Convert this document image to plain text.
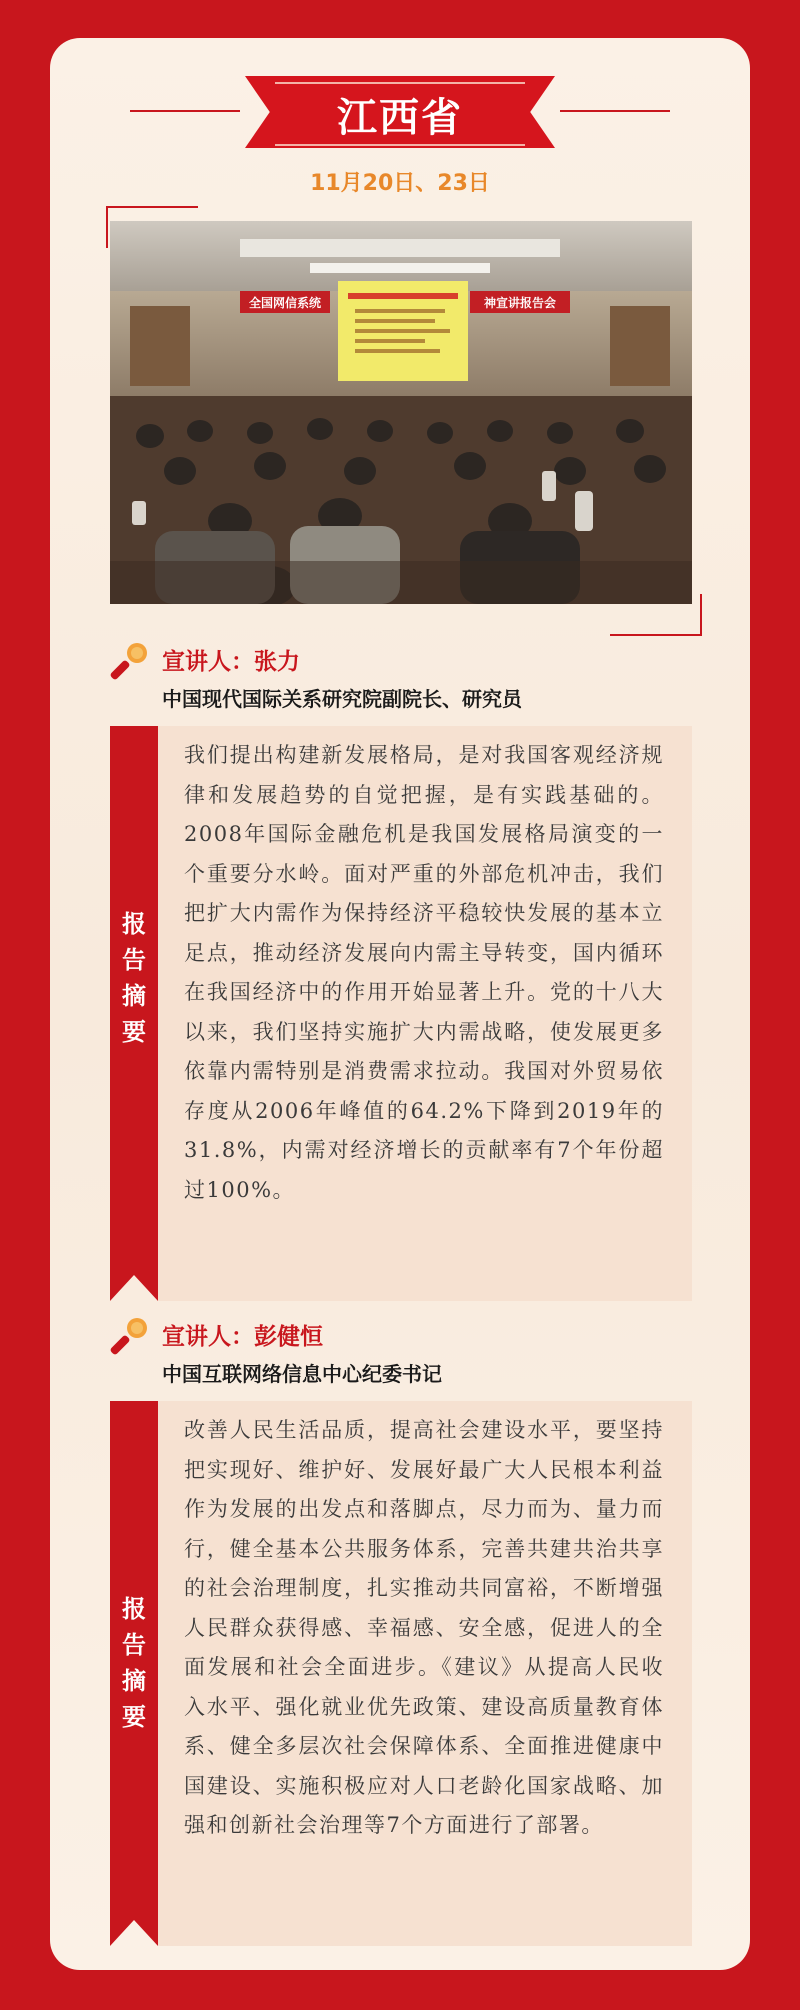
江西省
11月20日、23日
全国网信系统	神宣讲报告会
宣讲人：张力
中国现代国际关系研究院副院长、研究员
报
告
摘
要
我们提出构建新发展格局，是对我国客观经济规律和发展趋势的自觉把握，是有实践基础的。2008年国际金融危机是我国发展格局演变的一个重要分水岭。面对严重的外部危机冲击，我们把扩大内需作为保持经济平稳较快发展的基本立足点，推动经济发展向内需主导转变，国内循环在我国经济中的作用开始显著上升。党的十八大以来，我们坚持实施扩大内需战略，使发展更多依靠内需特别是消费需求拉动。我国对外贸易依存度从2006年峰值的64.2%下降到2019年的31.8%，内需对经济增长的贡献率有7个年份超过100%。
宣讲人：彭健恒
中国互联网络信息中心纪委书记
报
告
摘
要
改善人民生活品质，提高社会建设水平，要坚持把实现好、维护好、发展好最广大人民根本利益作为发展的出发点和落脚点，尽力而为、量力而行，健全基本公共服务体系，完善共建共治共享的社会治理制度，扎实推动共同富裕，不断增强人民群众获得感、幸福感、安全感，促进人的全面发展和社会全面进步。《建议》从提高人民收入水平、强化就业优先政策、建设高质量教育体系、健全多层次社会保障体系、全面推进健康中国建设、实施积极应对人口老龄化国家战略、加强和创新社会治理等7个方面进行了部署。
